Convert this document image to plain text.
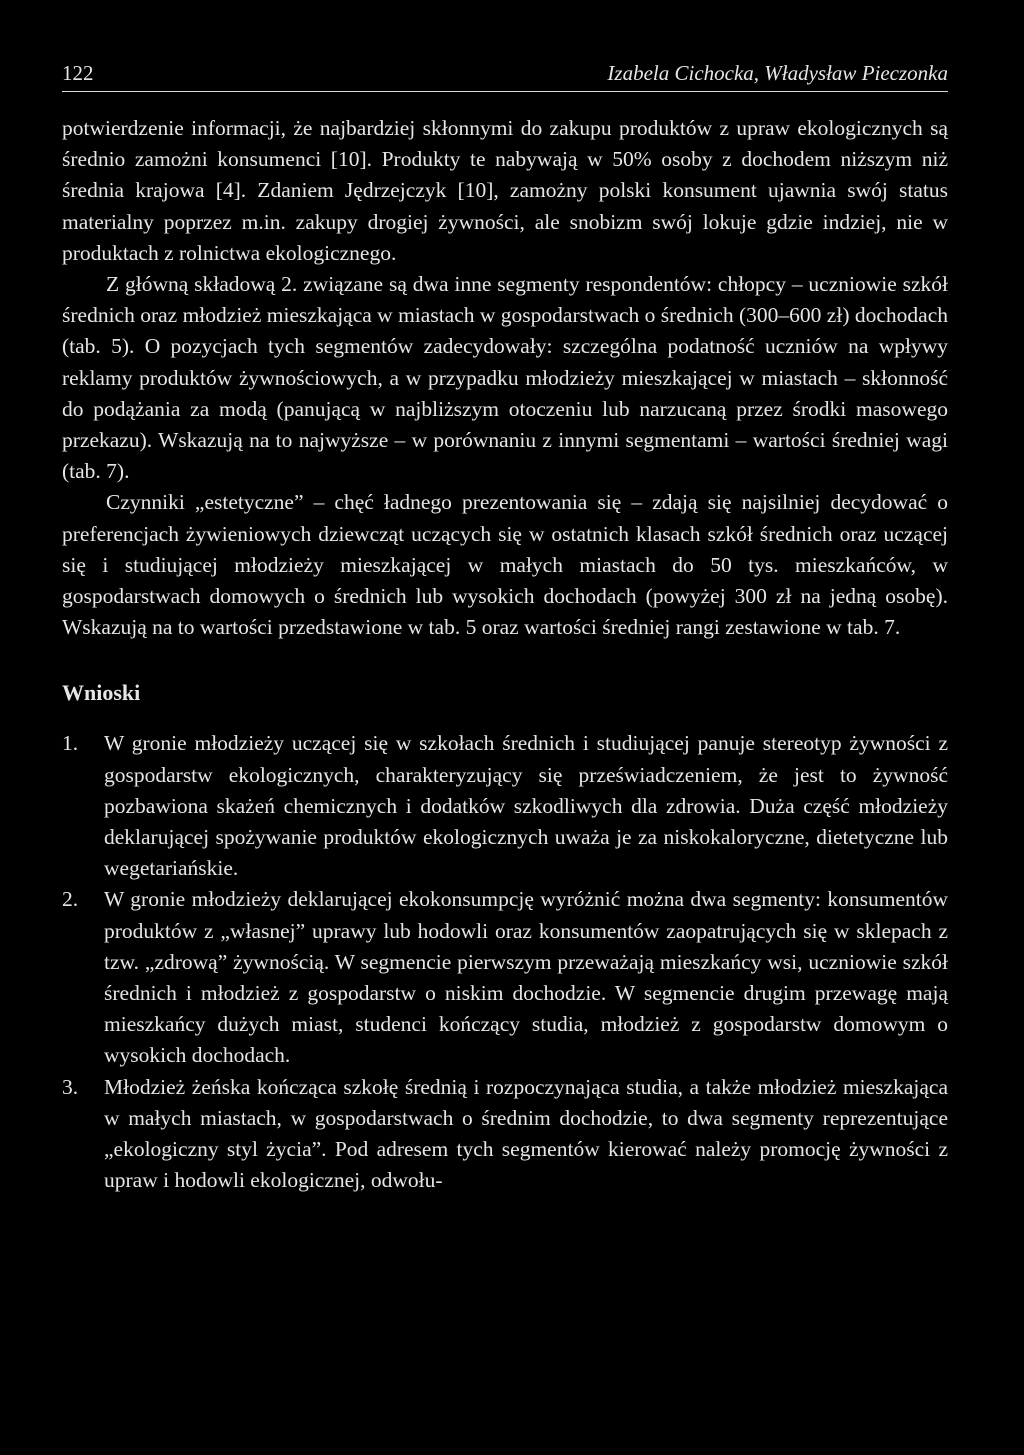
122	Izabela Cichocka, Władysław Pieczonka

potwierdzenie informacji, że najbardziej skłonnymi do zakupu produktów z upraw ekologicznych są średnio zamożni konsumenci [10]. Produkty te nabywają w 50% osoby z dochodem niższym niż średnia krajowa [4]. Zdaniem Jędrzejczyk [10], zamożny polski konsument ujawnia swój status materialny poprzez m.in. zakupy drogiej żywności, ale snobizm swój lokuje gdzie indziej, nie w produktach z rolnictwa ekologicznego.

Z główną składową 2. związane są dwa inne segmenty respondentów: chłopcy – uczniowie szkół średnich oraz młodzież mieszkająca w miastach w gospodarstwach o średnich (300–600 zł) dochodach (tab. 5). O pozycjach tych segmentów zadecydowały: szczególna podatność uczniów na wpływy reklamy produktów żywnościowych, a w przypadku młodzieży mieszkającej w miastach – skłonność do podążania za modą (panującą w najbliższym otoczeniu lub narzucaną przez środki masowego przekazu). Wskazują na to najwyższe – w porównaniu z innymi segmentami – wartości średniej wagi (tab. 7).

Czynniki „estetyczne” – chęć ładnego prezentowania się – zdają się najsilniej decydować o preferencjach żywieniowych dziewcząt uczących się w ostatnich klasach szkół średnich oraz uczącej się i studiującej młodzieży mieszkającej w małych miastach do 50 tys. mieszkańców, w gospodarstwach domowych o średnich lub wysokich dochodach (powyżej 300 zł na jedną osobę). Wskazują na to wartości przedstawione w tab. 5 oraz wartości średniej rangi zestawione w tab. 7.

Wnioski
1.	W gronie młodzieży uczącej się w szkołach średnich i studiującej panuje stereotyp żywności z gospodarstw ekologicznych, charakteryzujący się przeświadczeniem, że jest to żywność pozbawiona skażeń chemicznych i dodatków szkodliwych dla zdrowia. Duża część młodzieży deklarującej spożywanie produktów ekologicznych uważa je za niskokaloryczne, dietetyczne lub wegetariańskie.
2.	W gronie młodzieży deklarującej ekokonsumpcję wyróżnić można dwa segmenty: konsumentów produktów z „własnej” uprawy lub hodowli oraz konsumentów zaopatrujących się w sklepach z tzw. „zdrową” żywnością. W segmencie pierwszym przeważają mieszkańcy wsi, uczniowie szkół średnich i młodzież z gospodarstw o niskim dochodzie. W segmencie drugim przewagę mają mieszkańcy dużych miast, studenci kończący studia, młodzież z gospodarstw domowym o wysokich dochodach.
3.	Młodzież żeńska kończąca szkołę średnią i rozpoczynająca studia, a także młodzież mieszkająca w małych miastach, w gospodarstwach o średnim dochodzie, to dwa segmenty reprezentujące „ekologiczny styl życia”. Pod adresem tych segmentów kierować należy promocję żywności z upraw i hodowli ekologicznej, odwołu-
